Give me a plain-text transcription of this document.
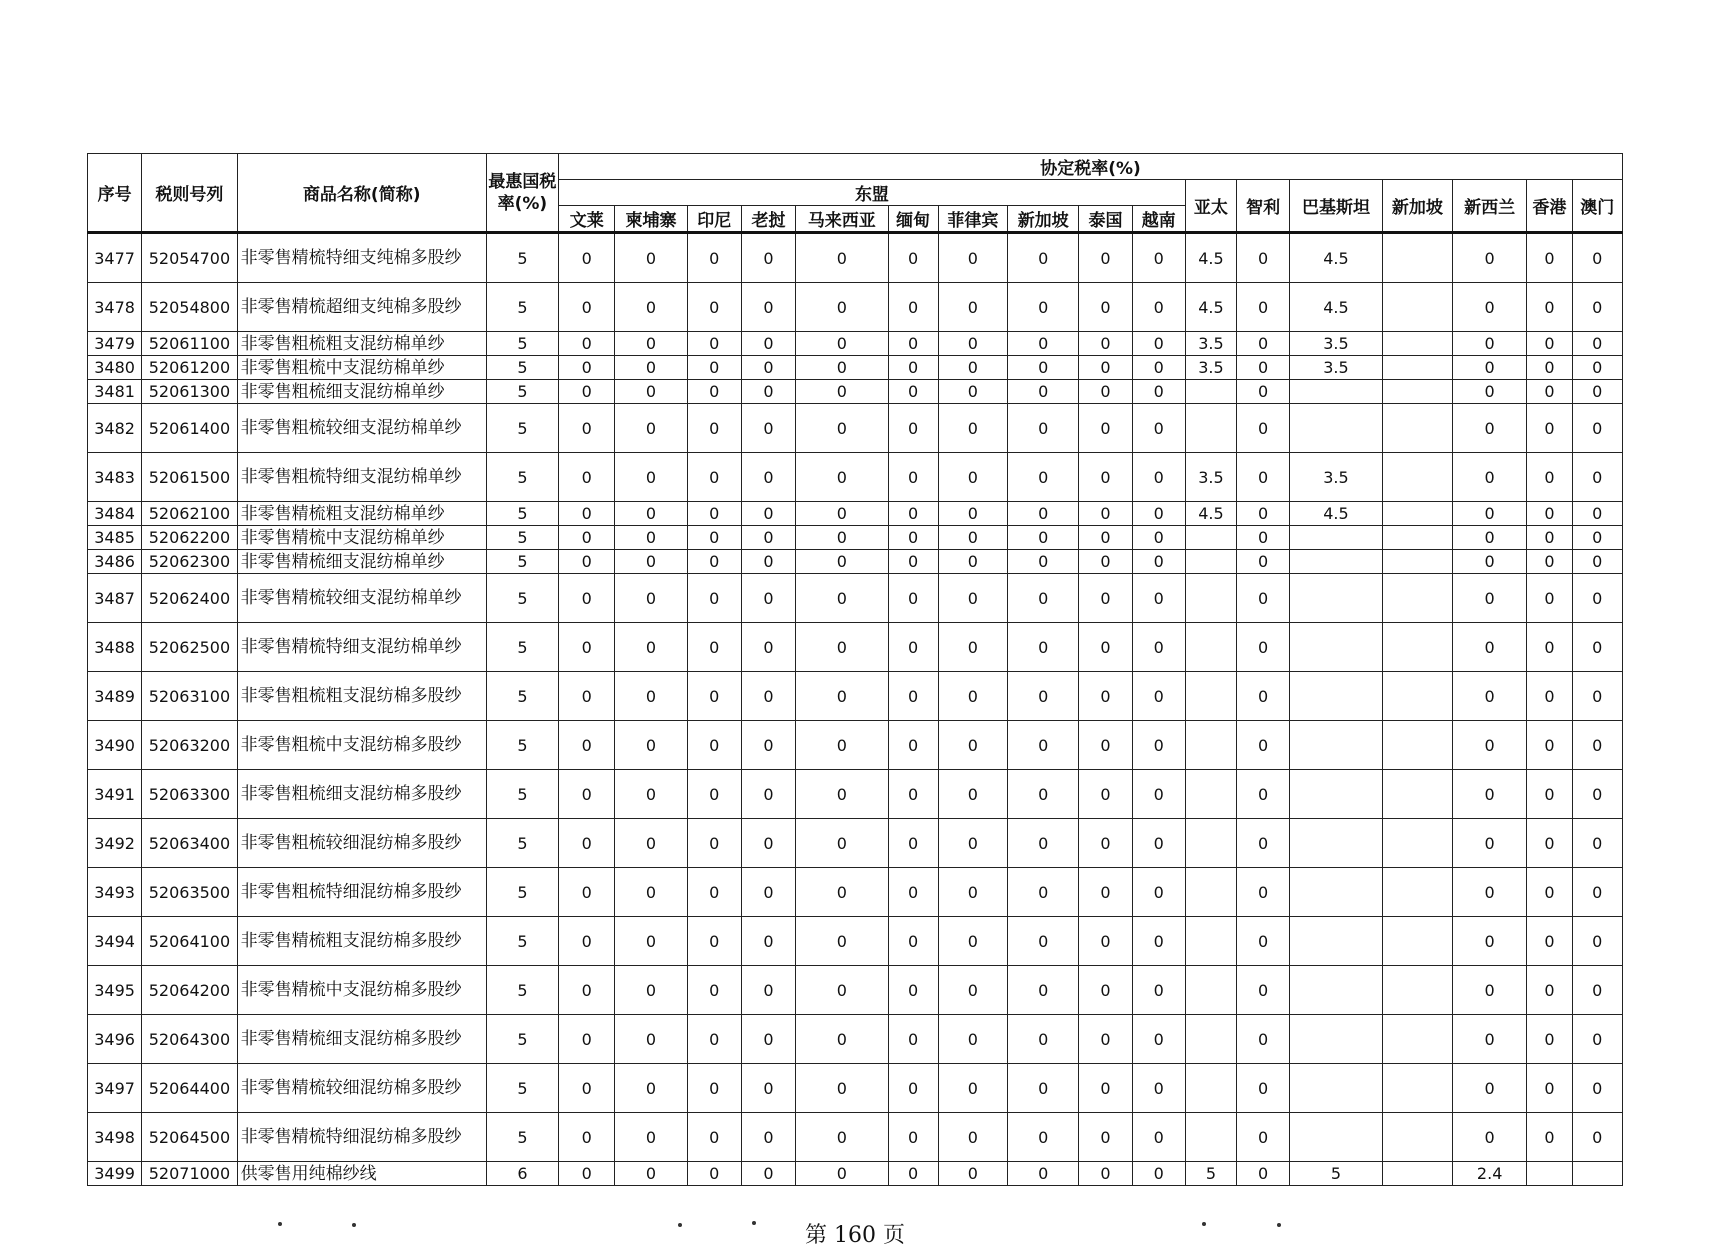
序号	税则号列	商品名称(简称)	最惠国税率(%)	协定税率(%)																
				东盟										亚太	智利	巴基斯坦	新加坡	新西兰	香港	澳门
				文莱	柬埔寨	印尼	老挝	马来西亚	缅甸	菲律宾	新加坡	泰国	越南							
3477	52054700	非零售精梳特细支纯棉多股纱	5	0	0	0	0	0	0	0	0	0	0	4.5	0	4.5		0	0	0
3478	52054800	非零售精梳超细支纯棉多股纱	5	0	0	0	0	0	0	0	0	0	0	4.5	0	4.5		0	0	0
3479	52061100	非零售粗梳粗支混纺棉单纱	5	0	0	0	0	0	0	0	0	0	0	3.5	0	3.5		0	0	0
3480	52061200	非零售粗梳中支混纺棉单纱	5	0	0	0	0	0	0	0	0	0	0	3.5	0	3.5		0	0	0
3481	52061300	非零售粗梳细支混纺棉单纱	5	0	0	0	0	0	0	0	0	0	0		0			0	0	0
3482	52061400	非零售粗梳较细支混纺棉单纱	5	0	0	0	0	0	0	0	0	0	0		0			0	0	0
3483	52061500	非零售粗梳特细支混纺棉单纱	5	0	0	0	0	0	0	0	0	0	0	3.5	0	3.5		0	0	0
3484	52062100	非零售精梳粗支混纺棉单纱	5	0	0	0	0	0	0	0	0	0	0	4.5	0	4.5		0	0	0
3485	52062200	非零售精梳中支混纺棉单纱	5	0	0	0	0	0	0	0	0	0	0		0			0	0	0
3486	52062300	非零售精梳细支混纺棉单纱	5	0	0	0	0	0	0	0	0	0	0		0			0	0	0
3487	52062400	非零售精梳较细支混纺棉单纱	5	0	0	0	0	0	0	0	0	0	0		0			0	0	0
3488	52062500	非零售精梳特细支混纺棉单纱	5	0	0	0	0	0	0	0	0	0	0		0			0	0	0
3489	52063100	非零售粗梳粗支混纺棉多股纱	5	0	0	0	0	0	0	0	0	0	0		0			0	0	0
3490	52063200	非零售粗梳中支混纺棉多股纱	5	0	0	0	0	0	0	0	0	0	0		0			0	0	0
3491	52063300	非零售粗梳细支混纺棉多股纱	5	0	0	0	0	0	0	0	0	0	0		0			0	0	0
3492	52063400	非零售粗梳较细混纺棉多股纱	5	0	0	0	0	0	0	0	0	0	0		0			0	0	0
3493	52063500	非零售粗梳特细混纺棉多股纱	5	0	0	0	0	0	0	0	0	0	0		0			0	0	0
3494	52064100	非零售精梳粗支混纺棉多股纱	5	0	0	0	0	0	0	0	0	0	0		0			0	0	0
3495	52064200	非零售精梳中支混纺棉多股纱	5	0	0	0	0	0	0	0	0	0	0		0			0	0	0
3496	52064300	非零售精梳细支混纺棉多股纱	5	0	0	0	0	0	0	0	0	0	0		0			0	0	0
3497	52064400	非零售精梳较细混纺棉多股纱	5	0	0	0	0	0	0	0	0	0	0		0			0	0	0
3498	52064500	非零售精梳特细混纺棉多股纱	5	0	0	0	0	0	0	0	0	0	0		0			0	0	0
3499	52071000	供零售用纯棉纱线	6	0	0	0	0	0	0	0	0	0	0	5	0	5		2.4		
第 160 页
